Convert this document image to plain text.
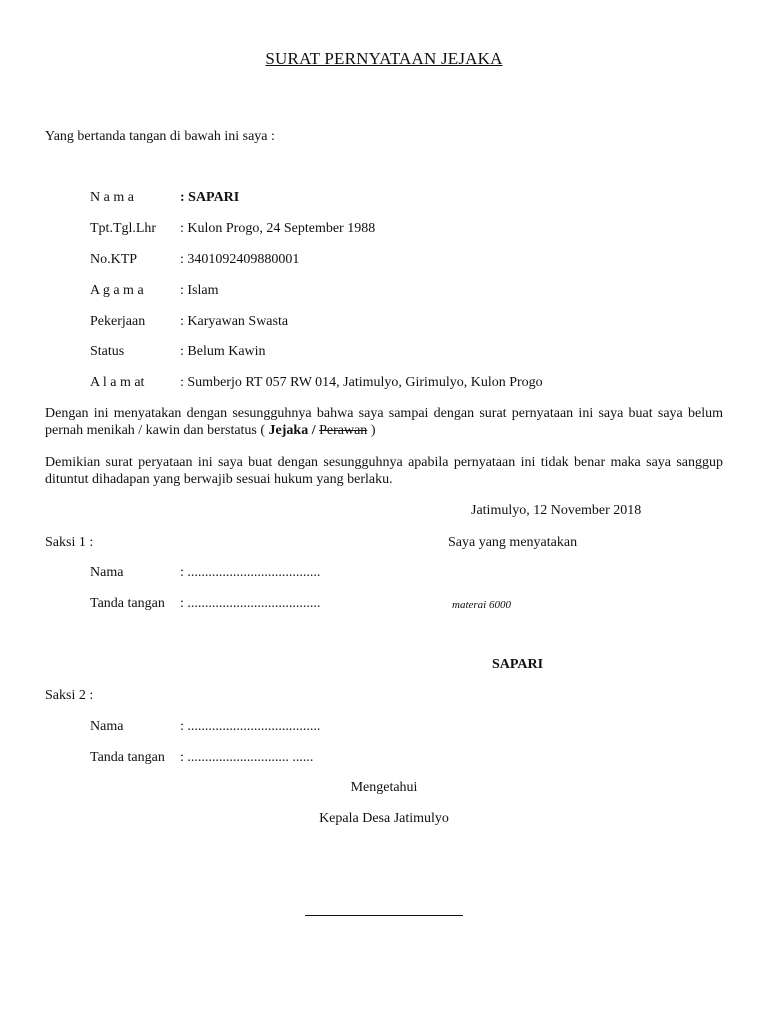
SURAT PERNYATAAN JEJAKA
Yang bertanda tangan di bawah ini saya :
N a m a	: SAPARI
Tpt.Tgl.Lhr : Kulon Progo, 24 September 1988
No.KTP	: 3401092409880001
A g a m a	: Islam
Pekerjaan : Karyawan Swasta
Status	: Belum Kawin
A l a m at	: Sumberjo RT 057 RW 014, Jatimulyo, Girimulyo, Kulon Progo
Dengan ini menyatakan dengan sesungguhnya bahwa saya sampai dengan surat pernyataan ini saya buat saya belum pernah menikah / kawin dan berstatus ( Jejaka / Perawan )
Demikian surat peryataan ini saya buat dengan sesungguhnya apabila pernyataan ini tidak benar maka saya sanggup dituntut dihadapan yang berwajib sesuai hukum yang berlaku.
Jatimulyo, 12 November 2018
Saksi 1 :	Saya yang menyatakan
Nama	: ......................................
Tanda tangan : ......................................	materai 6000
SAPARI
Saksi 2 :
Nama	: ......................................
Tanda tangan : ............................. ......
Mengetahui
Kepala Desa Jatimulyo
